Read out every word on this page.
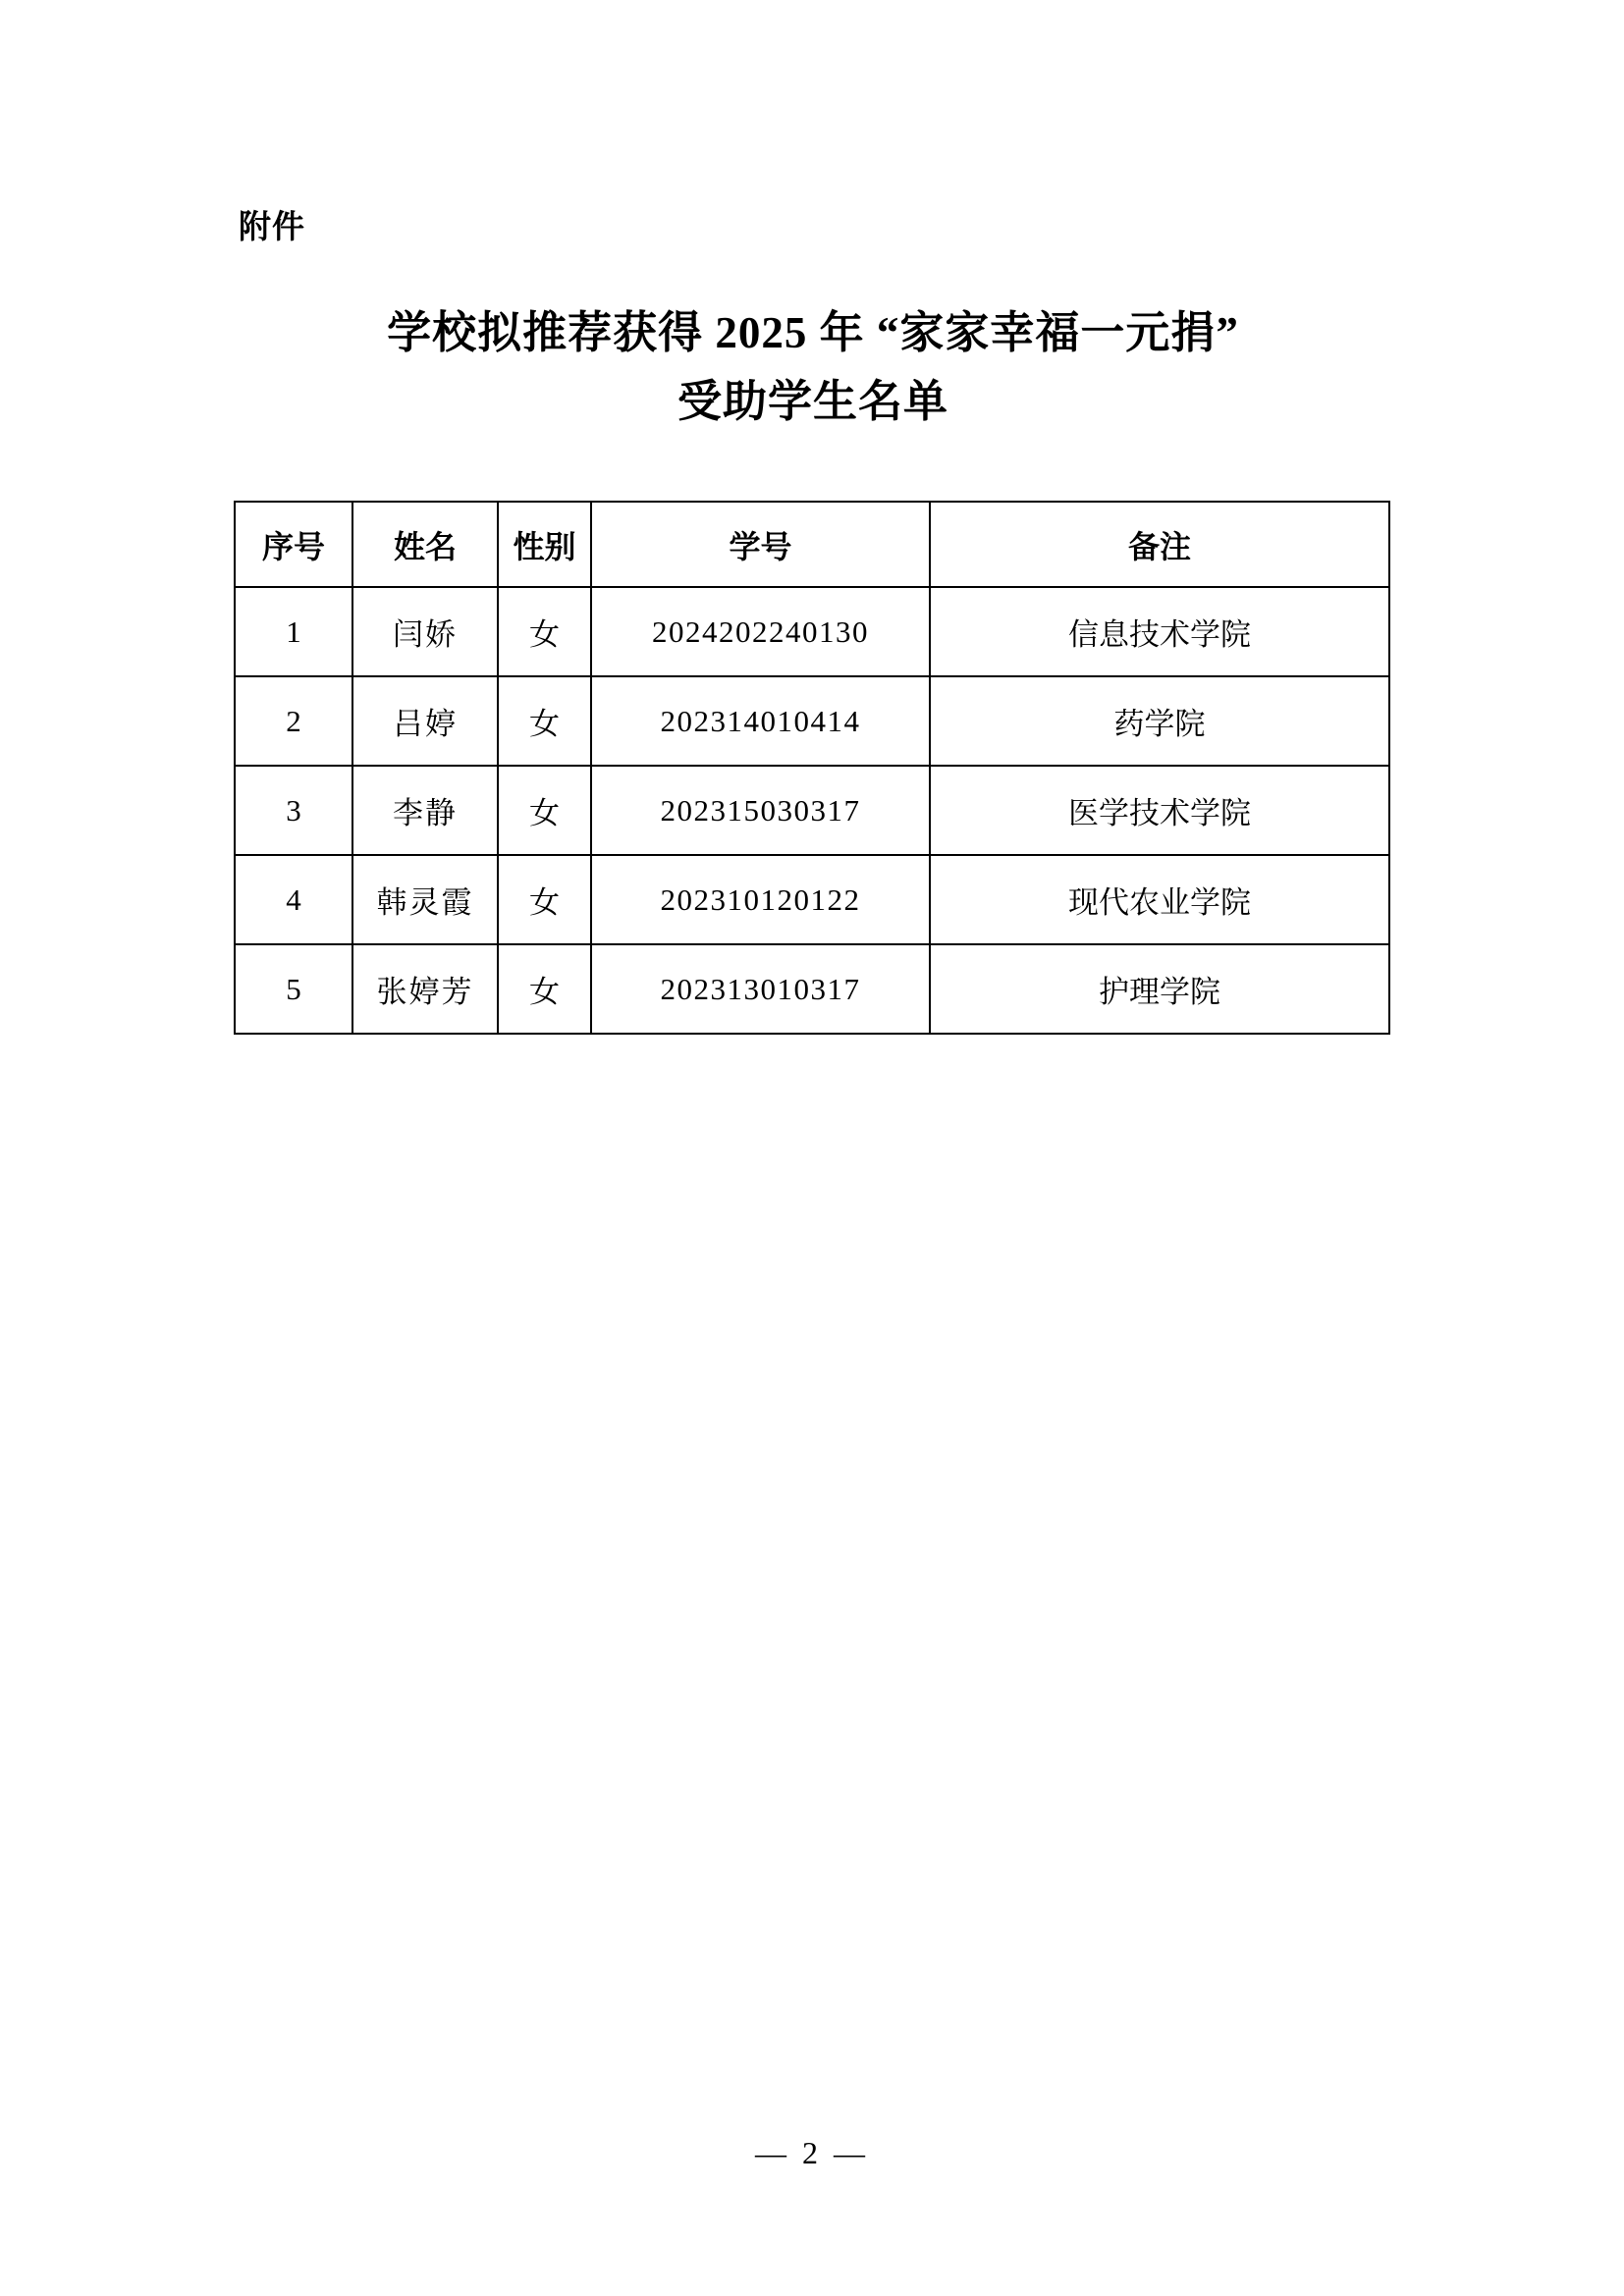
附件
学校拟推荐获得 2025 年 “家家幸福一元捐”
受助学生名单
序号	姓名	性别	学号	备注
1	闫娇	女	2024202240130	信息技术学院
2	吕婷	女	202314010414	药学院
3	李静	女	202315030317	医学技术学院
4	韩灵霞	女	202310120122	现代农业学院
5	张婷芳	女	202313010317	护理学院
— 2 —
